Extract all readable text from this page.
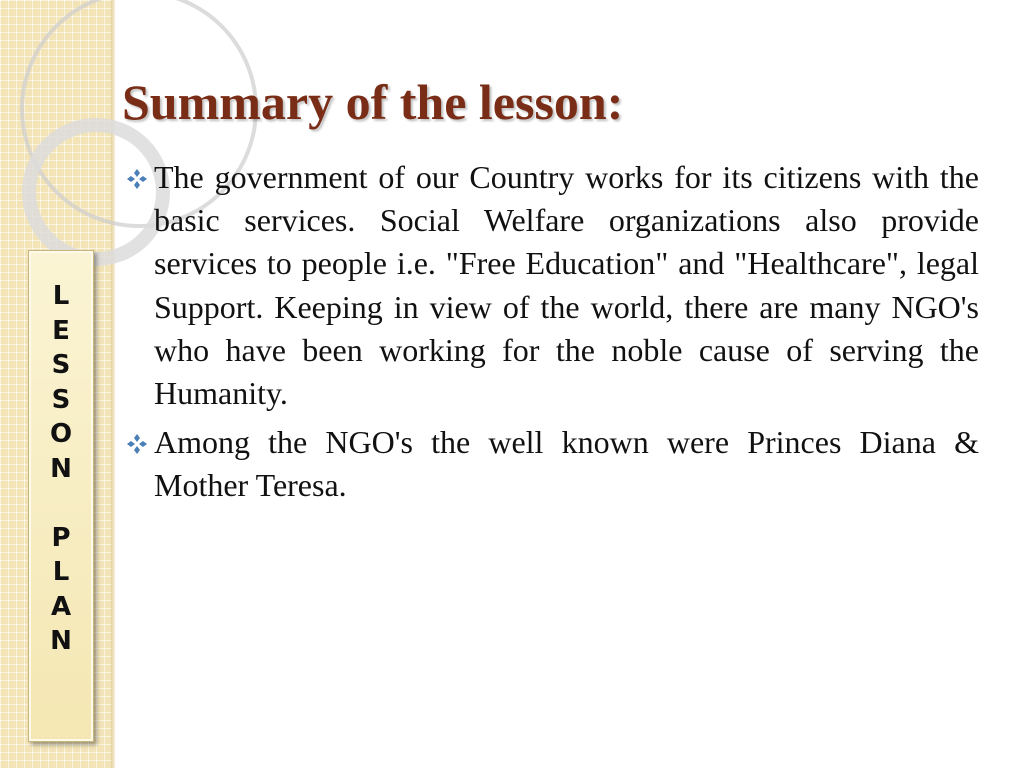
L
E
S
S
O
N

P
L
A
N
Summary of the lesson:
The government of our Country works for its citizens with the basic services. Social Welfare organizations also provide services to people i.e. "Free Education" and "Healthcare", legal Support. Keeping in view of the world, there are many NGO's who have been working for the noble cause of serving the Humanity.
Among the NGO's the well known were Princes Diana & Mother Teresa.
